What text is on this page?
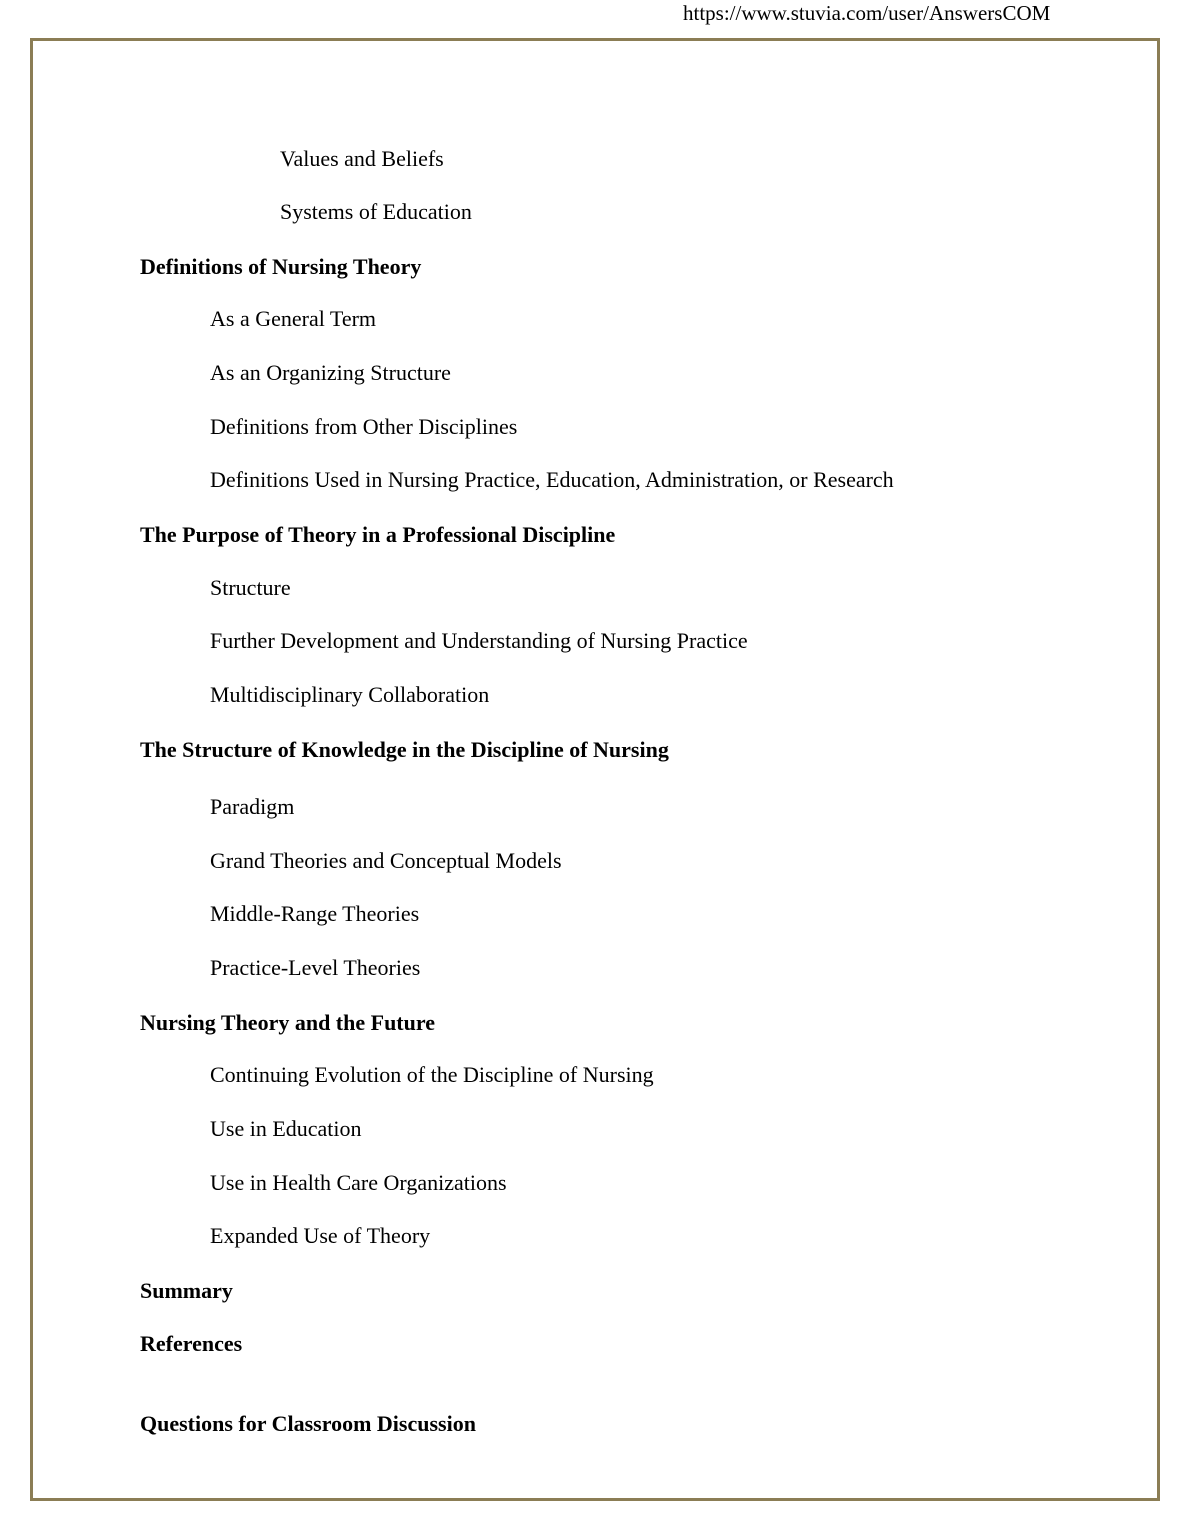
https://www.stuvia.com/user/AnswersCOM
Values and Beliefs
Systems of Education
Definitions of Nursing Theory
As a General Term
As an Organizing Structure
Definitions from Other Disciplines
Definitions Used in Nursing Practice, Education, Administration, or Research
The Purpose of Theory in a Professional Discipline
Structure
Further Development and Understanding of Nursing Practice
Multidisciplinary Collaboration
The Structure of Knowledge in the Discipline of Nursing
Paradigm
Grand Theories and Conceptual Models
Middle-Range Theories
Practice-Level Theories
Nursing Theory and the Future
Continuing Evolution of the Discipline of Nursing
Use in Education
Use in Health Care Organizations
Expanded Use of Theory
Summary
References
Questions for Classroom Discussion
